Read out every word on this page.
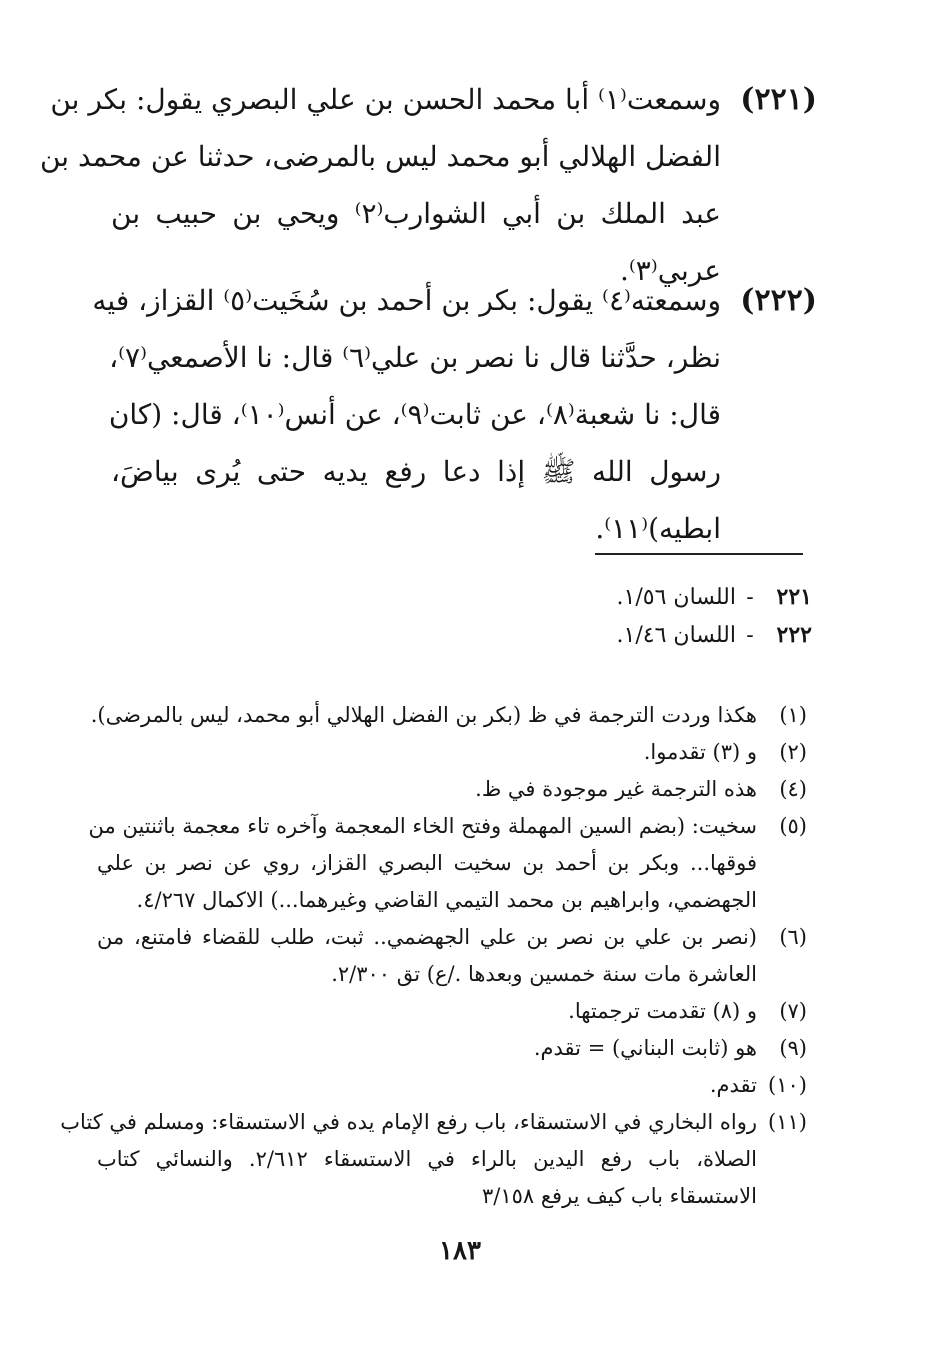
(٢٢١)
وسمعت⁽١⁾ أبا محمد الحسن بن علي البصري يقول: بكر بن
الفضل الهلالي أبو محمد ليس بالمرضى، حدثنا عن محمد بن
عبد الملك بن أبي الشوارب⁽٢⁾ ويحي بن حبيب بن
عربي⁽٣⁾.
(٢٢٢)
وسمعته⁽٤⁾ يقول: بكر بن أحمد بن سُخَيت⁽٥⁾ القزاز، فيه
نظر، حدَّثنا قال نا نصر بن علي⁽٦⁾ قال: نا الأصمعي⁽٧⁾،
قال: نا شعبة⁽٨⁾، عن ثابت⁽٩⁾، عن أنس⁽١٠⁾، قال: (كان
رسول الله ﷺ إذا دعا رفع يديه حتى يُرى بياضَ،
ابطيه)⁽١١⁾.
٢٢١-اللسان ١/٥٦.
٢٢٢-اللسان ١/٤٦.
(١)
هكذا وردت الترجمة في ظ (بكر بن الفضل الهلالي أبو محمد، ليس بالمرضى).
(٢)
و (٣) تقدموا.
(٤)
هذه الترجمة غير موجودة في ظ.
(٥)
سخيت: (بضم السين المهملة وفتح الخاء المعجمة وآخره تاء معجمة باثنتين من
فوقها... وبكر بن أحمد بن سخيت البصري القزاز، روي عن نصر بن علي
الجهضمي، وابراهيم بن محمد التيمي القاضي وغيرهما...) الاكمال ٤/٢٦٧.
(٦)
(نصر بن علي بن نصر بن علي الجهضمي.. ثبت، طلب للقضاء فامتنع، من
العاشرة مات سنة خمسين وبعدها ./ع) تق ٢/٣٠٠.
(٧)
و (٨) تقدمت ترجمتها.
(٩)
هو (ثابت البناني) = تقدم.
(١٠)
تقدم.
(١١)
رواه البخاري في الاستسقاء، باب رفع الإمام يده في الاستسقاء: ومسلم في كتاب
الصلاة، باب رفع اليدين بالراء في الاستسقاء ٢/٦١٢. والنسائي كتاب
الاستسقاء باب كيف يرفع ٣/١٥٨
١٨٣
